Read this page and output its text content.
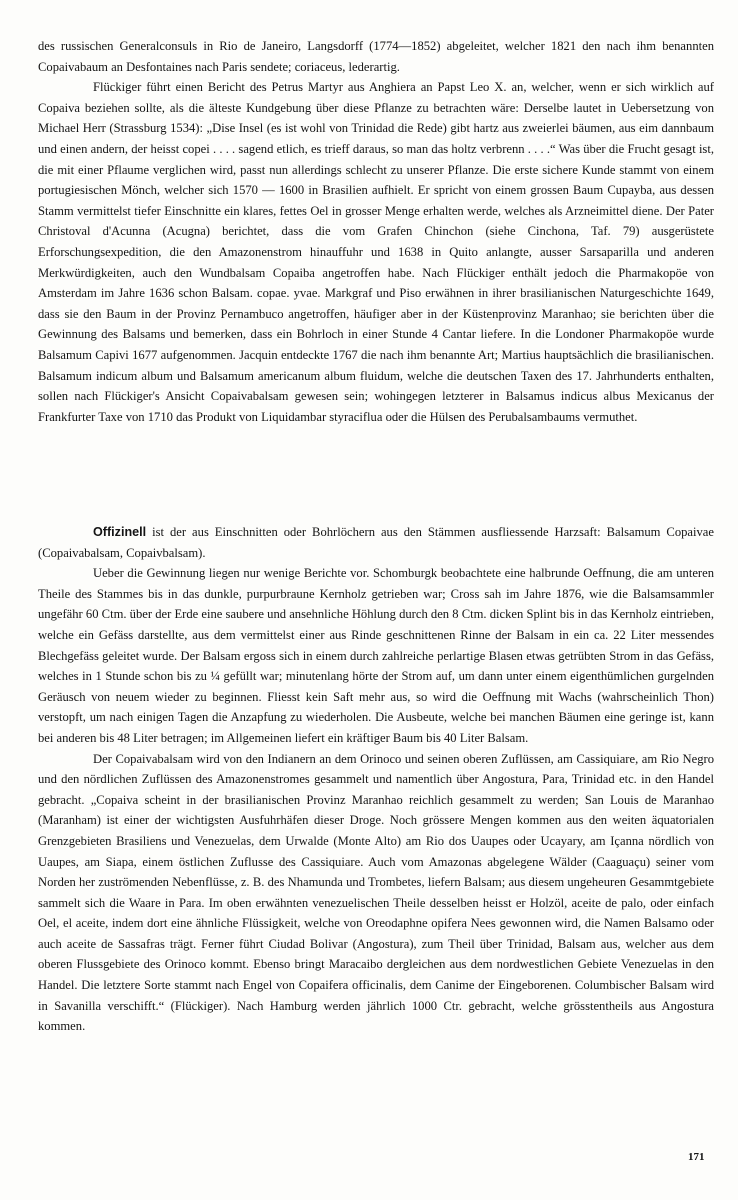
des russischen Generalconsuls in Rio de Janeiro, Langsdorff (1774—1852) abgeleitet, welcher 1821 den nach ihm benannten Copaivabaum an Desfontaines nach Paris sendete; coriaceus, lederartig.

Flückiger führt einen Bericht des Petrus Martyr aus Anghiera an Papst Leo X. an, welcher, wenn er sich wirklich auf Copaiva beziehen sollte, als die älteste Kundgebung über diese Pflanze zu betrachten wäre: Derselbe lautet in Uebersetzung von Michael Herr (Strassburg 1534): „Dise Insel (es ist wohl von Trinidad die Rede) gibt hartz aus zweierlei bäumen, aus eim dannbaum und einen andern, der heisst copei . . . . sagend etlich, es trieff daraus, so man das holtz verbrenn . . . .“ Was über die Frucht gesagt ist, die mit einer Pflaume verglichen wird, passt nun allerdings schlecht zu unserer Pflanze. Die erste sichere Kunde stammt von einem portugiesischen Mönch, welcher sich 1570 — 1600 in Brasilien aufhielt. Er spricht von einem grossen Baum Cupayba, aus dessen Stamm vermittelst tiefer Einschnitte ein klares, fettes Oel in grosser Menge erhalten werde, welches als Arzneimittel diene. Der Pater Christoval d'Acunna (Acugna) berichtet, dass die vom Grafen Chinchon (siehe Cinchona, Taf. 79) ausgerüstete Erforschungsexpedition, die den Amazonenstrom hinauffuhr und 1638 in Quito anlangte, ausser Sarsaparilla und anderen Merkwürdigkeiten, auch den Wundbalsam Copaiba angetroffen habe. Nach Flückiger enthält jedoch die Pharmakopöe von Amsterdam im Jahre 1636 schon Balsam. copae. yvae. Markgraf und Piso erwähnen in ihrer brasilianischen Naturgeschichte 1649, dass sie den Baum in der Provinz Pernambuco angetroffen, häufiger aber in der Küstenprovinz Maranhao; sie berichten über die Gewinnung des Balsams und bemerken, dass ein Bohrloch in einer Stunde 4 Cantar liefere. In die Londoner Pharmakopöe wurde Balsamum Capivi 1677 aufgenommen. Jacquin entdeckte 1767 die nach ihm benannte Art; Martius hauptsächlich die brasilianischen. Balsamum indicum album und Balsamum americanum album fluidum, welche die deutschen Taxen des 17. Jahrhunderts enthalten, sollen nach Flückiger's Ansicht Copaivabalsam gewesen sein; wohingegen letzterer in Balsamus indicus albus Mexicanus der Frankfurter Taxe von 1710 das Produkt von Liquidambar styraciflua oder die Hülsen des Perubalsambaums vermuthet.

Offizinell ist der aus Einschnitten oder Bohrlöchern aus den Stämmen ausfliessende Harzsaft: Balsamum Copaivae (Copaivabalsam, Copaivbalsam).

Ueber die Gewinnung liegen nur wenige Berichte vor. Schomburgk beobachtete eine halbrunde Oeffnung, die am unteren Theile des Stammes bis in das dunkle, purpurbraune Kernholz getrieben war; Cross sah im Jahre 1876, wie die Balsamsammler ungefähr 60 Ctm. über der Erde eine saubere und ansehnliche Höhlung durch den 8 Ctm. dicken Splint bis in das Kernholz eintrieben, welche ein Gefäss darstellte, aus dem vermittelst einer aus Rinde geschnittenen Rinne der Balsam in ein ca. 22 Liter messendes Blechgefäss geleitet wurde. Der Balsam ergoss sich in einem durch zahlreiche perlartige Blasen etwas getrübten Strom in das Gefäss, welches in 1 Stunde schon bis zu ¼ gefüllt war; minutenlang hörte der Strom auf, um dann unter einem eigenthümlichen gurgelnden Geräusch von neuem wieder zu beginnen. Fliesst kein Saft mehr aus, so wird die Oeffnung mit Wachs (wahrscheinlich Thon) verstopft, um nach einigen Tagen die Anzapfung zu wiederholen. Die Ausbeute, welche bei manchen Bäumen eine geringe ist, kann bei anderen bis 48 Liter betragen; im Allgemeinen liefert ein kräftiger Baum bis 40 Liter Balsam.

Der Copaivabalsam wird von den Indianern an dem Orinoco und seinen oberen Zuflüssen, am Cassiquiare, am Rio Negro und den nördlichen Zuflüssen des Amazonenstromes gesammelt und namentlich über Angostura, Para, Trinidad etc. in den Handel gebracht. „Copaiva scheint in der brasilianischen Provinz Maranhao reichlich gesammelt zu werden; San Louis de Maranhao (Maranham) ist einer der wichtigsten Ausfuhrhäfen dieser Droge. Noch grössere Mengen kommen aus den weiten äquatorialen Grenzgebieten Brasiliens und Venezuelas, dem Urwalde (Monte Alto) am Rio dos Uaupes oder Ucayary, am Içanna nördlich von Uaupes, am Siapa, einem östlichen Zuflusse des Cassiquiare. Auch vom Amazonas abgelegene Wälder (Caaguaçu) seiner vom Norden her zuströmenden Nebenflüsse, z. B. des Nhamunda und Trombetes, liefern Balsam; aus diesem ungeheuren Gesammtgebiete sammelt sich die Waare in Para. Im oben erwähnten venezuelischen Theile desselben heisst er Holzöl, aceite de palo, oder einfach Oel, el aceite, indem dort eine ähnliche Flüssigkeit, welche von Oreodaphne opifera Nees gewonnen wird, die Namen Balsamo oder auch aceite de Sassafras trägt. Ferner führt Ciudad Bolivar (Angostura), zum Theil über Trinidad, Balsam aus, welcher aus dem oberen Flussgebiete des Orinoco kommt. Ebenso bringt Maracaibo dergleichen aus dem nordwestlichen Gebiete Venezuelas in den Handel. Die letztere Sorte stammt nach Engel von Copaifera officinalis, dem Canime der Eingeborenen. Columbischer Balsam wird in Savanilla verschifft.“ (Flückiger). Nach Hamburg werden jährlich 1000 Ctr. gebracht, welche grösstentheils aus Angostura kommen.

171
